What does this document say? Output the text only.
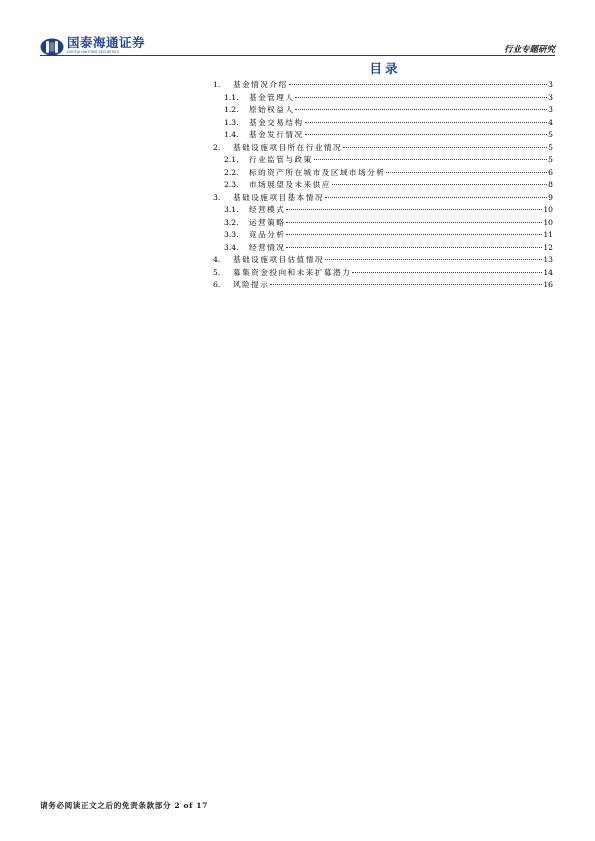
国泰海通证券
GUOTAI HAITONG SECURITIES	行业专题研究
目录
1.	基金情况介绍	3
1.1.	基金管理人	3
1.2.	原始权益人	3
1.3.	基金交易结构	4
1.4.	基金发行情况	5
2.	基础设施项目所在行业情况	5
2.1.	行业监管与政策	5
2.2.	标的资产所在城市及区域市场分析	6
2.3.	市场展望及未来供应	8
3.	基础设施项目基本情况	9
3.1.	经营模式	10
3.2.	运营策略	10
3.3.	竞品分析	11
3.4.	经营情况	12
4.	基础设施项目估值情况	13
5.	募集资金投向和未来扩募潜力	14
6.	风险提示	16
请务必阅读正文之后的免责条款部分 2 of 17
